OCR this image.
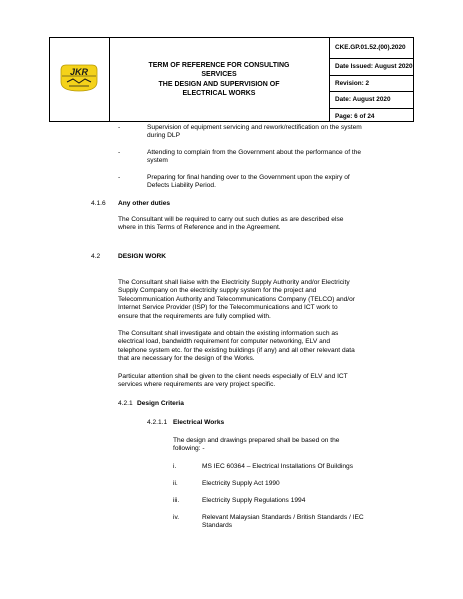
JKR
TERM OF REFERENCE FOR CONSULTING
SERVICES
THE DESIGN AND SUPERVISION OF
ELECTRICAL WORKS
CKE.GP.01.52.(00).2020
Date Issued: August 2020
Revision: 2
Date: August 2020
Page: 6 of 24
-	Supervision of equipment servicing and rework/rectification on the system
during DLP
-	Attending to complain from the Government about the performance of the
system
-	Preparing for final handing over to the Government upon the expiry of
Defects Liability Period.
4.1.6 Any other duties
The Consultant will be required to carry out such duties as are described else
where in this Terms of Reference and in the Agreement.
4.2	DESIGN WORK
The Consultant shall liaise with the Electricity Supply Authority and/or Electricity
Supply Company on the electricity supply system for the project and
Telecommunication Authority and Telecommunications Company (TELCO) and/or
Internet Service Provider (ISP) for the Telecommunications and ICT work to
ensure that the requirements are fully complied with.
The Consultant shall investigate and obtain the existing information such as
electrical load, bandwidth requirement for computer networking, ELV and
telephone system etc. for the existing buildings (if any) and all other relevant data
that are necessary for the design of the Works.
Particular attention shall be given to the client needs especially of ELV and ICT
services where requirements are very project specific.
4.2.1 Design Criteria
4.2.1.1 Electrical Works
The design and drawings prepared shall be based on the
following: -
i.	MS IEC 60364 – Electrical Installations Of Buildings
ii.	Electricity Supply Act 1990
iii.	Electricity Supply Regulations 1994
iv.	Relevant Malaysian Standards / British Standards / IEC
Standards
